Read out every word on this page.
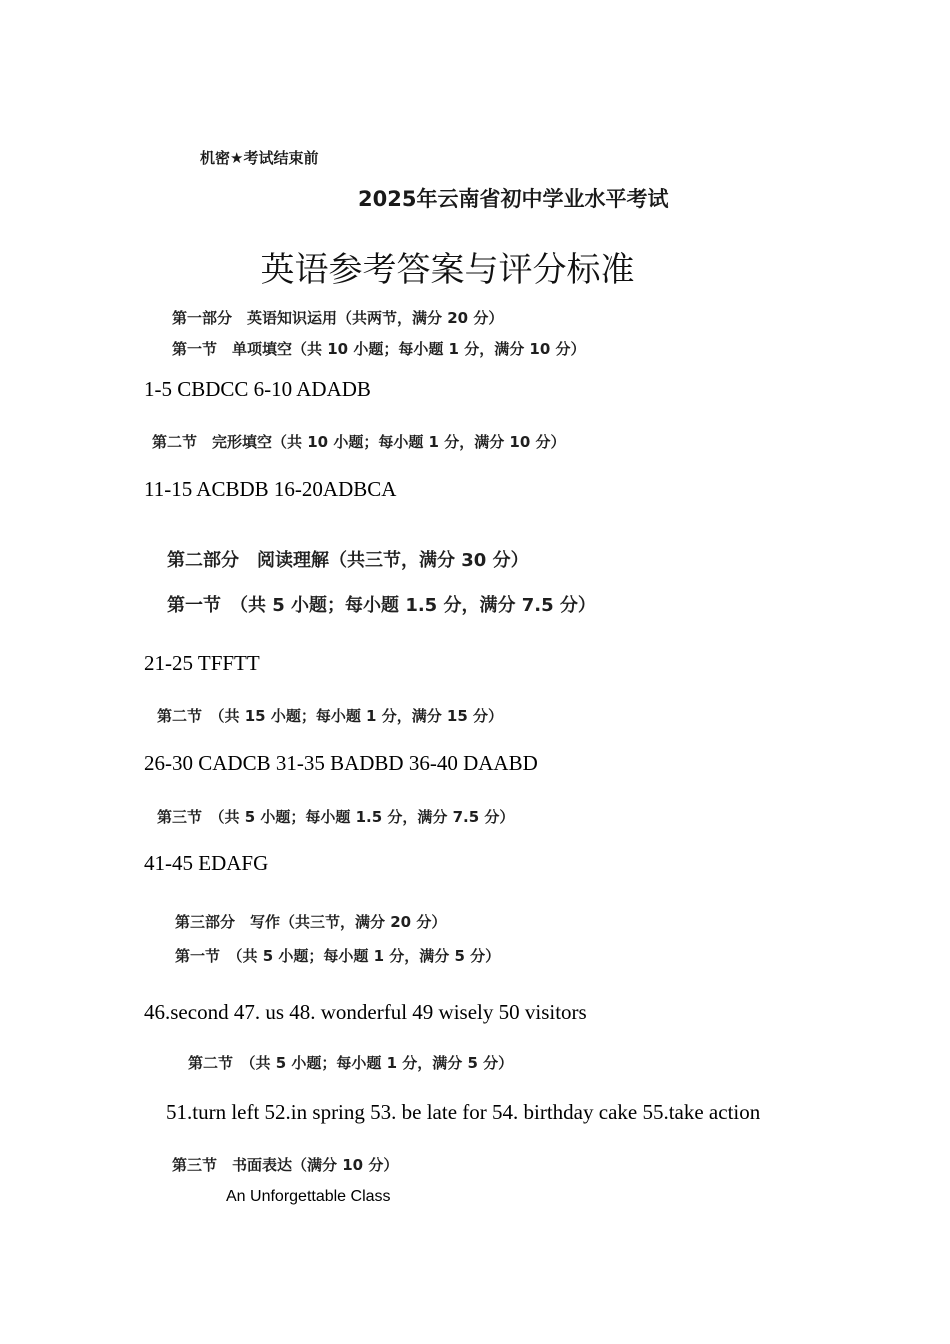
机密★考试结束前
2025年云南省初中学业水平考试
英语参考答案与评分标准
第一部分　英语知识运用（共两节，满分 20 分）
第一节　单项填空（共 10 小题；每小题 1 分，满分 10 分）
1-5 CBDCC 6-10 ADADB
第二节　完形填空（共 10 小题；每小题 1 分，满分 10 分）
11-15 ACBDB 16-20ADBCA
第二部分　阅读理解（共三节，满分 30 分）
第一节　（共 5 小题；每小题 1.5 分，满分 7.5 分）
21-25 TFFTT
第二节　（共 15 小题；每小题 1 分，满分 15 分）
26-30 CADCB 31-35 BADBD 36-40 DAABD
第三节　（共 5 小题；每小题 1.5 分，满分 7.5 分）
41-45 EDAFG
第三部分　写作（共三节，满分 20 分）
第一节　（共 5 小题；每小题 1 分，满分 5 分）
46.second 47. us 48. wonderful 49 wisely 50 visitors
第二节　（共 5 小题；每小题 1 分，满分 5 分）
51.turn left 52.in spring 53. be late for 54. birthday cake 55.take action
第三节　书面表达（满分 10 分）
An Unforgettable Class
